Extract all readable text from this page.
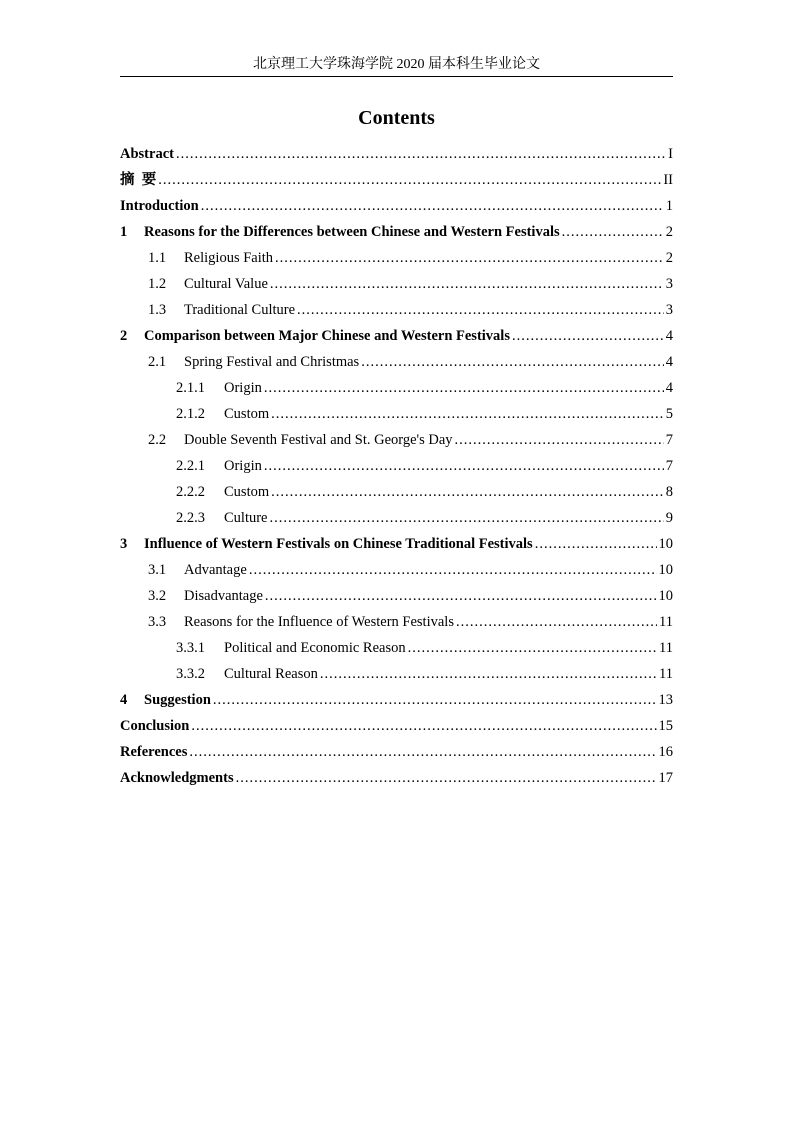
北京理工大学珠海学院 2020 届本科生毕业论文
Contents
Abstract .....	I
摘  要 .....	II
Introduction .....	1
1	Reasons for the Differences between Chinese and Western Festivals .....	2
1.1	Religious Faith .....	2
1.2	Cultural Value .....	3
1.3	Traditional Culture .....	3
2	Comparison between Major Chinese and Western Festivals .....	4
2.1	Spring Festival and Christmas .....	4
2.1.1	Origin .....	4
2.1.2	Custom .....	5
2.2	Double Seventh Festival and St. George's Day .....	7
2.2.1	Origin .....	7
2.2.2	Custom .....	8
2.2.3	Culture .....	9
3	Influence of Western Festivals on Chinese Traditional Festivals .....	10
3.1	Advantage .....	10
3.2	Disadvantage .....	10
3.3	Reasons for the Influence of Western Festivals .....	11
3.3.1	Political and Economic Reason .....	11
3.3.2	Cultural Reason .....	11
4	Suggestion .....	13
Conclusion .....	15
References .....	16
Acknowledgments .....	17
